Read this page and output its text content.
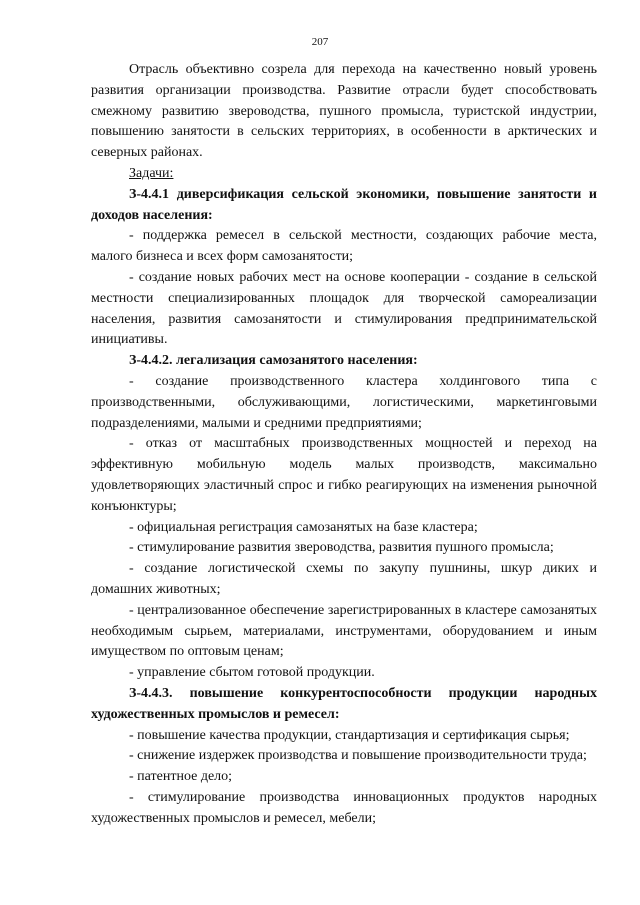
207

Отрасль объективно созрела для перехода на качественно новый уровень развития организации производства. Развитие отрасли будет способствовать смежному развитию звероводства, пушного промысла, туристской индустрии, повышению занятости в сельских территориях, в особенности в арктических и северных районах.

Задачи:

З-4.4.1 диверсификация сельской экономики, повышение занятости и доходов населения:

- поддержка ремесел в сельской местности, создающих рабочие места, малого бизнеса и всех форм самозанятости;

- создание новых рабочих мест на основе кооперации - создание в сельской местности специализированных площадок для творческой самореализации населения, развития самозанятости и стимулирования предпринимательской инициативы.

З-4.4.2. легализация самозанятого населения:

- создание производственного кластера холдингового типа с производственными, обслуживающими, логистическими, маркетинговыми подразделениями, малыми и средними предприятиями;

- отказ от масштабных производственных мощностей и переход на эффективную мобильную модель малых производств, максимально удовлетворяющих эластичный спрос и гибко реагирующих на изменения рыночной конъюнктуры;

- официальная регистрация самозанятых на базе кластера;

- стимулирование развития звероводства, развития пушного промысла;

- создание логистической схемы по закупу пушнины, шкур диких и домашних животных;

- централизованное обеспечение зарегистрированных в кластере самозанятых необходимым сырьем, материалами, инструментами, оборудованием и иным имуществом по оптовым ценам;

- управление сбытом готовой продукции.

З-4.4.3. повышение конкурентоспособности продукции народных художественных промыслов и ремесел:

- повышение качества продукции, стандартизация и сертификация сырья;

- снижение издержек производства и повышение производительности труда;

- патентное дело;

- стимулирование производства инновационных продуктов народных художественных промыслов и ремесел, мебели;
